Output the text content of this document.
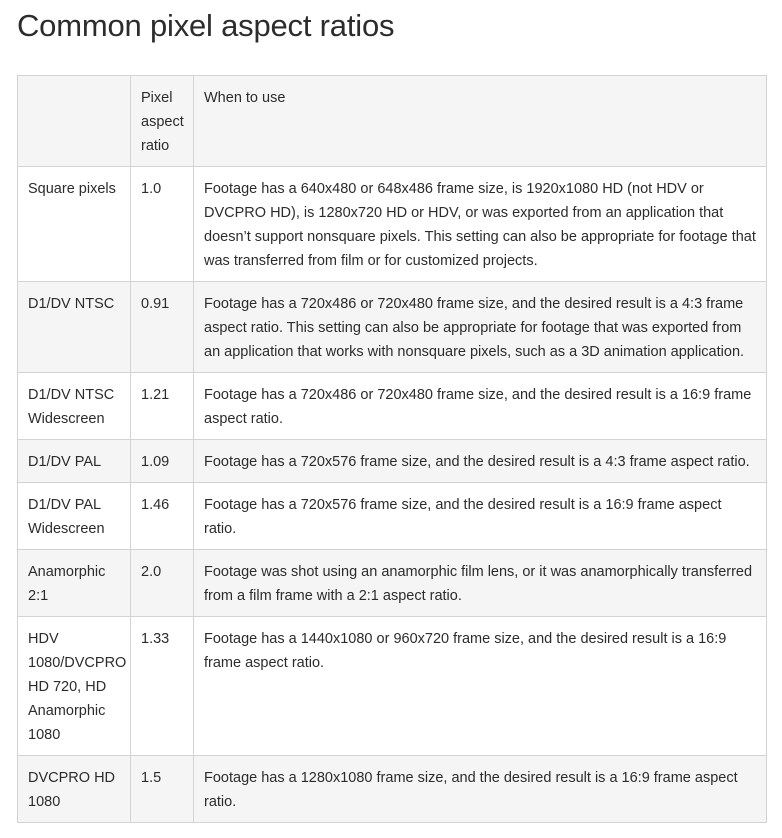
Common pixel aspect ratios
	Pixel aspect ratio	When to use
Square pixels	1.0	Footage has a 640x480 or 648x486 frame size, is 1920x1080 HD (not HDV or DVCPRO HD), is 1280x720 HD or HDV, or was exported from an application that doesn’t support nonsquare pixels. This setting can also be appropriate for footage that was transferred from film or for customized projects.
D1/DV NTSC	0.91	Footage has a 720x486 or 720x480 frame size, and the desired result is a 4:3 frame aspect ratio. This setting can also be appropriate for footage that was exported from an application that works with nonsquare pixels, such as a 3D animation application.
D1/DV NTSC Widescreen	1.21	Footage has a 720x486 or 720x480 frame size, and the desired result is a 16:9 frame aspect ratio.
D1/DV PAL	1.09	Footage has a 720x576 frame size, and the desired result is a 4:3 frame aspect ratio.
D1/DV PAL Widescreen	1.46	Footage has a 720x576 frame size, and the desired result is a 16:9 frame aspect ratio.
Anamorphic 2:1	2.0	Footage was shot using an anamorphic film lens, or it was anamorphically transferred from a film frame with a 2:1 aspect ratio.
HDV 1080/DVCPRO HD 720, HD Anamorphic 1080	1.33	Footage has a 1440x1080 or 960x720 frame size, and the desired result is a 16:9 frame aspect ratio.
DVCPRO HD 1080	1.5	Footage has a 1280x1080 frame size, and the desired result is a 16:9 frame aspect ratio.
